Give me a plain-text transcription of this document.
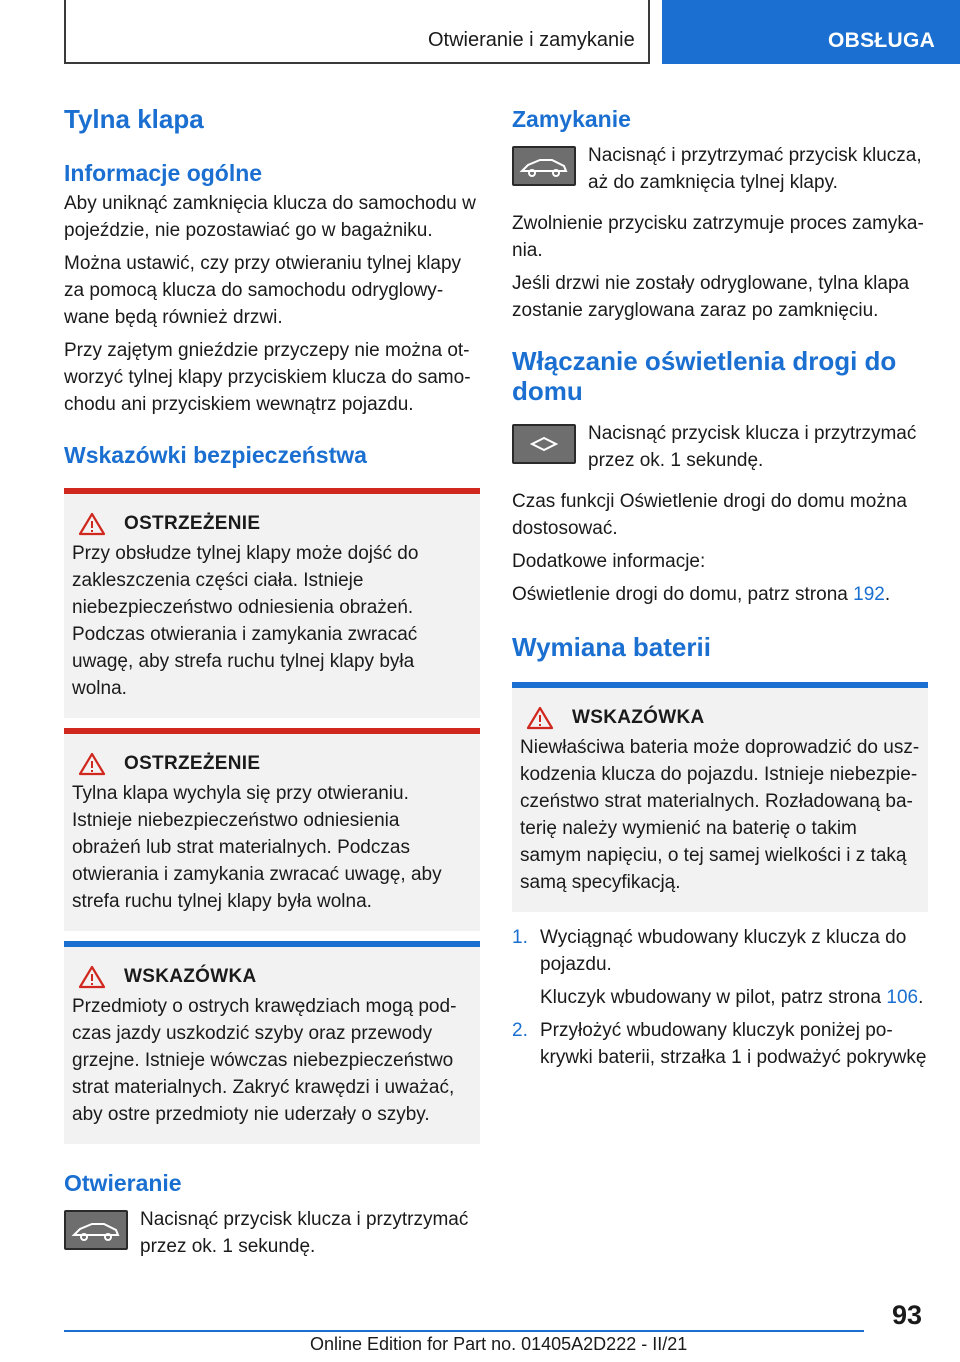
Otwieranie i zamykanie	OBSŁUGA
Tylna klapa
Informacje ogólne
Aby uniknąć zamknięcia klucza do samochodu w pojeździe, nie pozostawiać go w bagażniku.
Można ustawić, czy przy otwieraniu tylnej klapy za pomocą klucza do samochodu odryglowywane będą również drzwi.
Przy zajętym gnieździe przyczepy nie można otworzyć tylnej klapy przyciskiem klucza do samochodu ani przyciskiem wewnątrz pojazdu.
Wskazówki bezpieczeństwa
OSTRZEŻENIE
Przy obsłudze tylnej klapy może dojść do zakleszczenia części ciała. Istnieje niebezpieczeństwo odniesienia obrażeń. Podczas otwierania i zamykania zwracać uwagę, aby strefa ruchu tylnej klapy była wolna.
OSTRZEŻENIE
Tylna klapa wychyla się przy otwieraniu. Istnieje niebezpieczeństwo odniesienia obrażeń lub strat materialnych. Podczas otwierania i zamykania zwracać uwagę, aby strefa ruchu tylnej klapy była wolna.
WSKAZÓWKA
Przedmioty o ostrych krawędziach mogą podczas jazdy uszkodzić szyby oraz przewody grzejne. Istnieje wówczas niebezpieczeństwo strat materialnych. Zakryć krawędzi i uważać, aby ostre przedmioty nie uderzały o szyby.
Otwieranie
Nacisnąć przycisk klucza i przytrzymać przez ok. 1 sekundę.
Zamykanie
Nacisnąć i przytrzymać przycisk klucza, aż do zamknięcia tylnej klapy.
Zwolnienie przycisku zatrzymuje proces zamykania.
Jeśli drzwi nie zostały odryglowane, tylna klapa zostanie zaryglowana zaraz po zamknięciu.
Włączanie oświetlenia drogi do domu
Nacisnąć przycisk klucza i przytrzymać przez ok. 1 sekundę.
Czas funkcji Oświetlenie drogi do domu można dostosować.
Dodatkowe informacje:
Oświetlenie drogi do domu, patrz strona 192.
Wymiana baterii
WSKAZÓWKA
Niewłaściwa bateria może doprowadzić do uszkodzenia klucza do pojazdu. Istnieje niebezpieczeństwo strat materialnych. Rozładowaną baterię należy wymienić na baterię o takim samym napięciu, o tej samej wielkości i z taką samą specyfikacją.
1. Wyciągnąć wbudowany kluczyk z klucza do pojazdu.
Kluczyk wbudowany w pilot, patrz strona 106.
2. Przyłożyć wbudowany kluczyk poniżej pokrywki baterii, strzałka 1 i podważyć pokrywkę
93
Online Edition for Part no. 01405A2D222 - II/21
